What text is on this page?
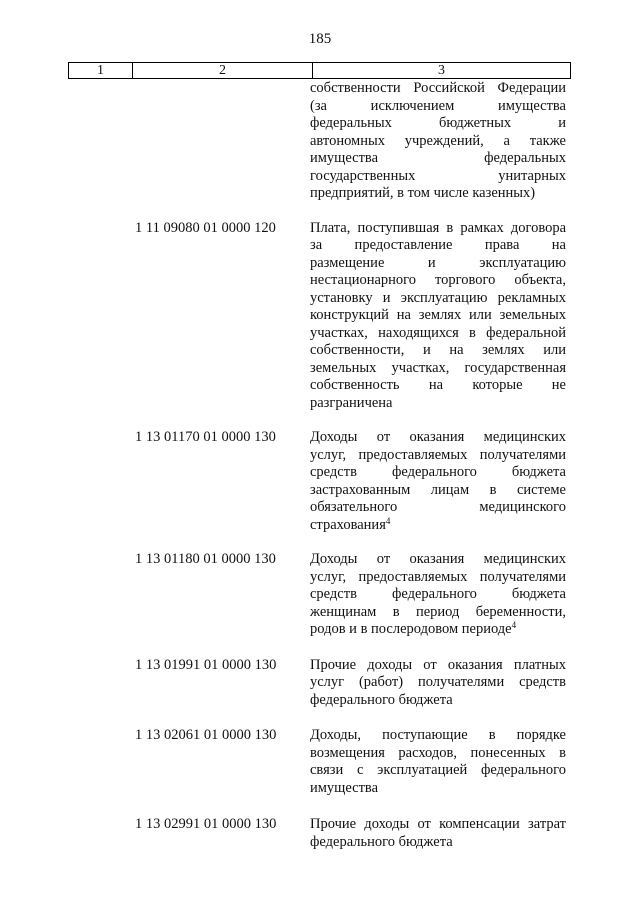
185
1	2	3
собственности Российской Федерации
(за исключением имущества
федеральных бюджетных и
автономных учреждений, а также
имущества федеральных
государственных унитарных
предприятий, в том числе казенных)
1 11 09080 01 0000 120	Плата, поступившая в рамках договора
за предоставление права на
размещение и эксплуатацию
нестационарного торгового объекта,
установку и эксплуатацию рекламных
конструкций на землях или земельных
участках, находящихся в федеральной
собственности, и на землях или
земельных участках, государственная
собственность на которые не
разграничена
1 13 01170 01 0000 130	Доходы от оказания медицинских
услуг, предоставляемых получателями
средств федерального бюджета
застрахованным лицам в системе
обязательного медицинского
страхования$^4$
1 13 01180 01 0000 130	Доходы от оказания медицинских
услуг, предоставляемых получателями
средств федерального бюджета
женщинам в период беременности,
родов и в послеродовом периоде$^4$
1 13 01991 01 0000 130	Прочие доходы от оказания платных
услуг (работ) получателями средств
федерального бюджета
1 13 02061 01 0000 130	Доходы, поступающие в порядке
возмещения расходов, понесенных в
связи с эксплуатацией федерального
имущества
1 13 02991 01 0000 130	Прочие доходы от компенсации затрат
федерального бюджета
